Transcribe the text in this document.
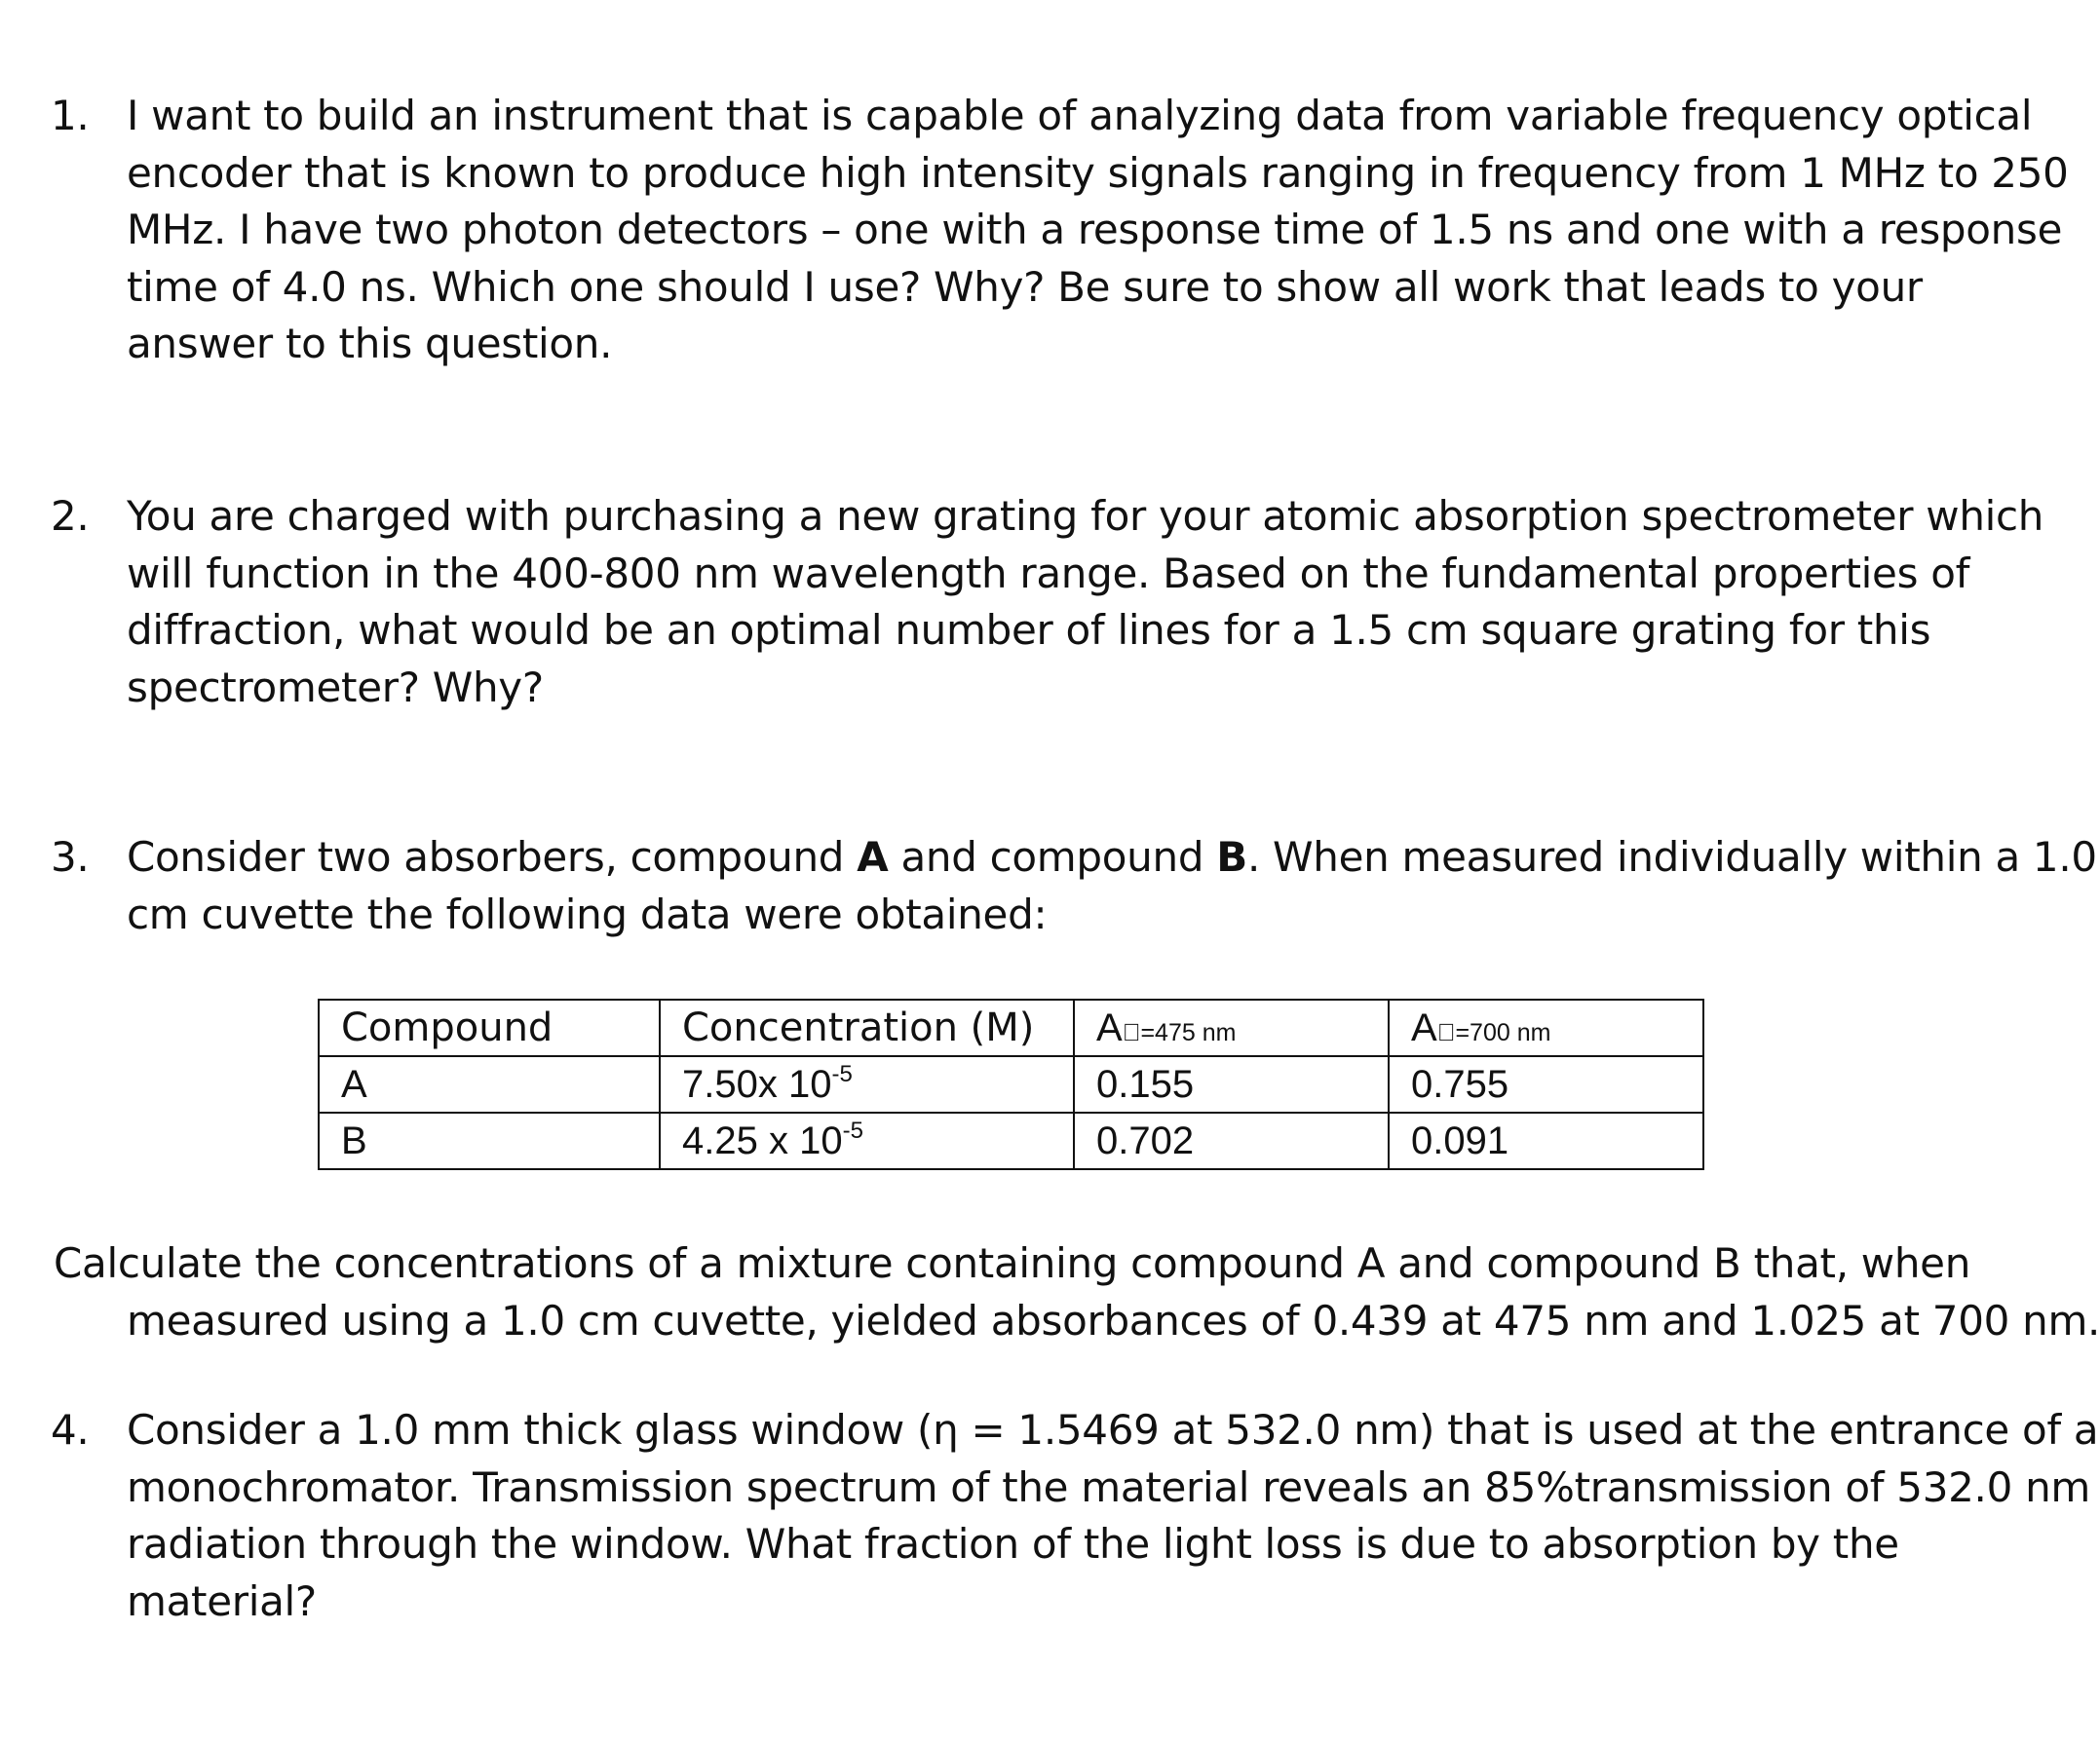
1. I want to build an instrument that is capable of analyzing data from variable frequency optical
encoder that is known to produce high intensity signals ranging in frequency from 1 MHz to 250
MHz. I have two photon detectors – one with a response time of 1.5 ns and one with a response
time of 4.0 ns. Which one should I use? Why? Be sure to show all work that leads to your
answer to this question.
2. You are charged with purchasing a new grating for your atomic absorption spectrometer which
will function in the 400-800 nm wavelength range. Based on the fundamental properties of
diffraction, what would be an optimal number of lines for a 1.5 cm square grating for this
spectrometer? Why?
3. Consider two absorbers, compound A and compound B. When measured individually within a 1.0
cm cuvette the following data were obtained:
Compound	Concentration (M)	A =475 nm	A =700 nm
A	7.50x $10^{-5}$	0.155	0.755
B	4.25 x $10^{-5}$	0.702	0.091
Calculate the concentrations of a mixture containing compound A and compound B that, when
measured using a 1.0 cm cuvette, yielded absorbances of 0.439 at 475 nm and 1.025 at 700 nm.
4. Consider a 1.0 mm thick glass window (η = 1.5469 at 532.0 nm) that is used at the entrance of a
monochromator. Transmission spectrum of the material reveals an 85%transmission of 532.0 nm
radiation through the window. What fraction of the light loss is due to absorption by the
material?
